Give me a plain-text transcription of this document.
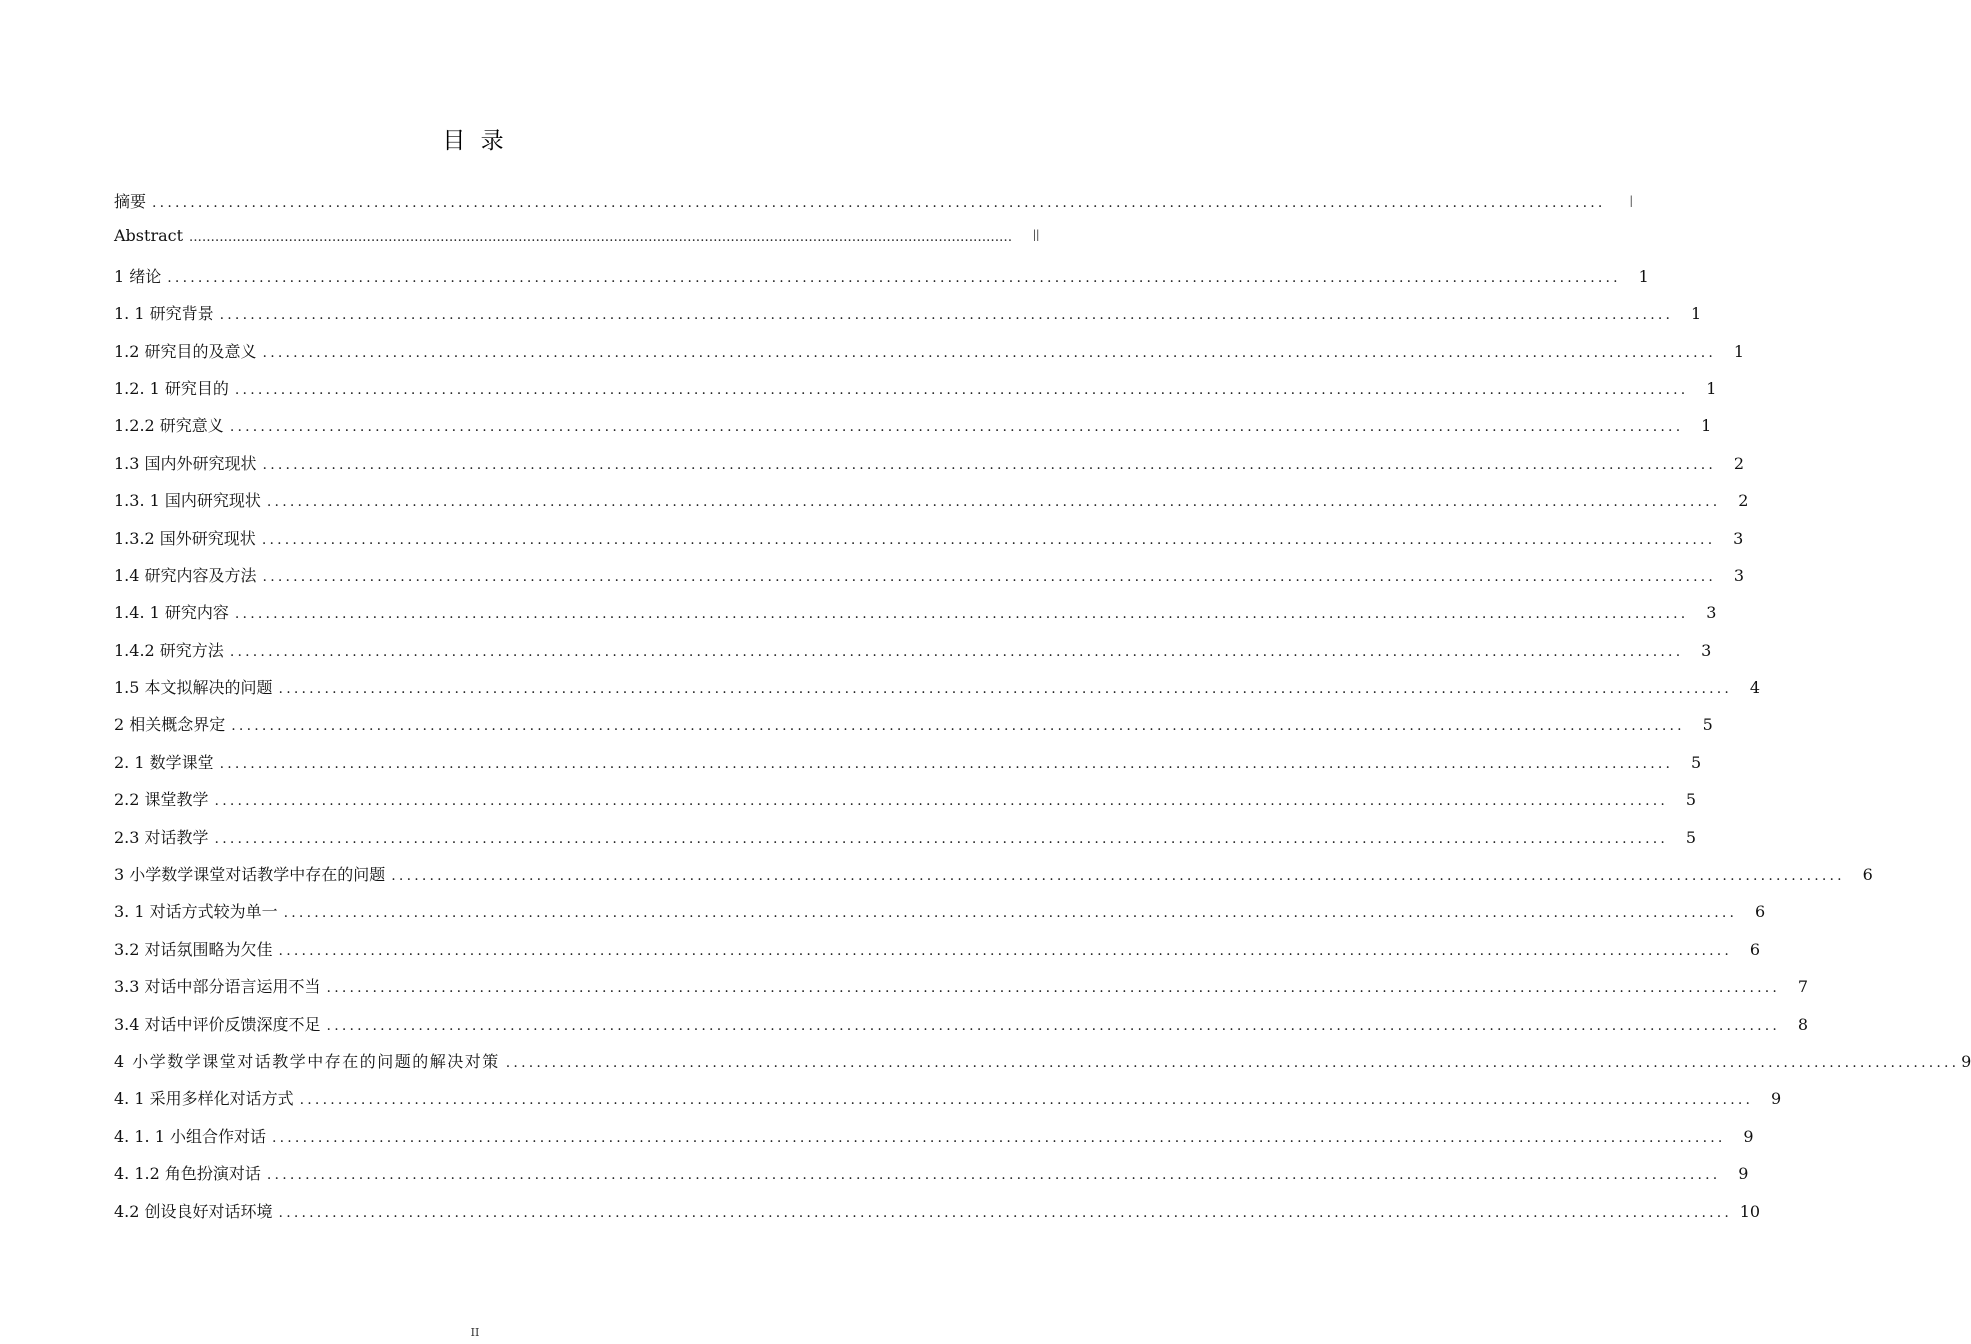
目 录
摘要 ..............................................................................................................................................................................................	Ⅰ
Abstract ..............................................................................................................................................................................................	Ⅱ
1 绪论 ..............................................................................................................................................................................................	1
1. 1 研究背景 ..............................................................................................................................................................................................	1
1.2 研究目的及意义 ..............................................................................................................................................................................................	1
1.2. 1 研究目的 ..............................................................................................................................................................................................	1
1.2.2 研究意义 ..............................................................................................................................................................................................	1
1.3 国内外研究现状 ..............................................................................................................................................................................................	2
1.3. 1 国内研究现状 ..............................................................................................................................................................................................	2
1.3.2 国外研究现状 ..............................................................................................................................................................................................	3
1.4 研究内容及方法 ..............................................................................................................................................................................................	3
1.4. 1 研究内容 ..............................................................................................................................................................................................	3
1.4.2 研究方法 ..............................................................................................................................................................................................	3
1.5 本文拟解决的问题 ..............................................................................................................................................................................................	4
2 相关概念界定 ..............................................................................................................................................................................................	5
2. 1 数学课堂 ..............................................................................................................................................................................................	5
2.2 课堂教学 ..............................................................................................................................................................................................	5
2.3 对话教学 ..............................................................................................................................................................................................	5
3 小学数学课堂对话教学中存在的问题 ..............................................................................................................................................................................................	6
3. 1 对话方式较为单一 ..............................................................................................................................................................................................	6
3.2 对话氛围略为欠佳 ..............................................................................................................................................................................................	6
3.3 对话中部分语言运用不当 ..............................................................................................................................................................................................	7
3.4 对话中评价反馈深度不足 ..............................................................................................................................................................................................	8
4 小学数学课堂对话教学中存在的问题的解决对策 .............................................................................................................................................................................................. 9
4. 1 采用多样化对话方式 ..............................................................................................................................................................................................	9
4. 1. 1 小组合作对话 ..............................................................................................................................................................................................	9
4. 1.2 角色扮演对话 ..............................................................................................................................................................................................	9
4.2 创设良好对话环境 .............................................................................................................................................................................................. 10
II
